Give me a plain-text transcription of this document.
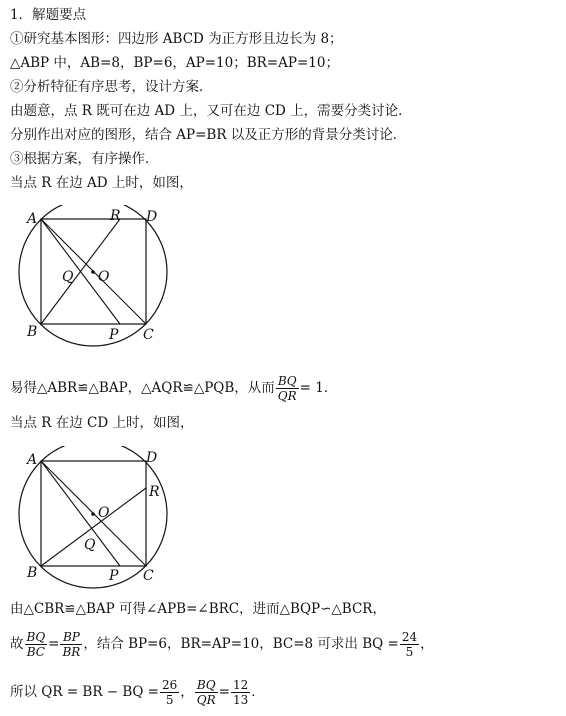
1．解题要点
①研究基本图形：四边形 ABCD 为正方形且边长为 8；
△ABP 中，AB=8，BP=6，AP=10；BR=AP=10；
②分析特征有序思考，设计方案．
由题意，点 R 既可在边 AD 上，又可在边 CD 上，需要分类讨论．
分别作出对应的图形，结合 AP=BR 以及正方形的背景分类讨论．
③根据方案，有序操作．
当点 R 在边 AD 上时，如图，
A	R D
Q O
B	P C
易得△ABR≌△BAP，△AQR≌△PQB，从而 $\frac{BQ}{QR} = 1$．
当点 R 在边 CD 上时，如图，
A	D
R
O
Q
B	P C
由△CBR≌△BAP 可得∠APB=∠BRC，进而△BQP∽△BCR，
故 $\frac{BQ}{BC} = \frac{BP}{BR}$ ，结合 BP=6，BR=AP=10，BC=8 可求出 BQ = $\frac{24}{5}$ ，
所以 QR = BR − BQ = $\frac{26}{5}$ ， $\frac{BQ}{QR} = \frac{12}{13}$ ．
